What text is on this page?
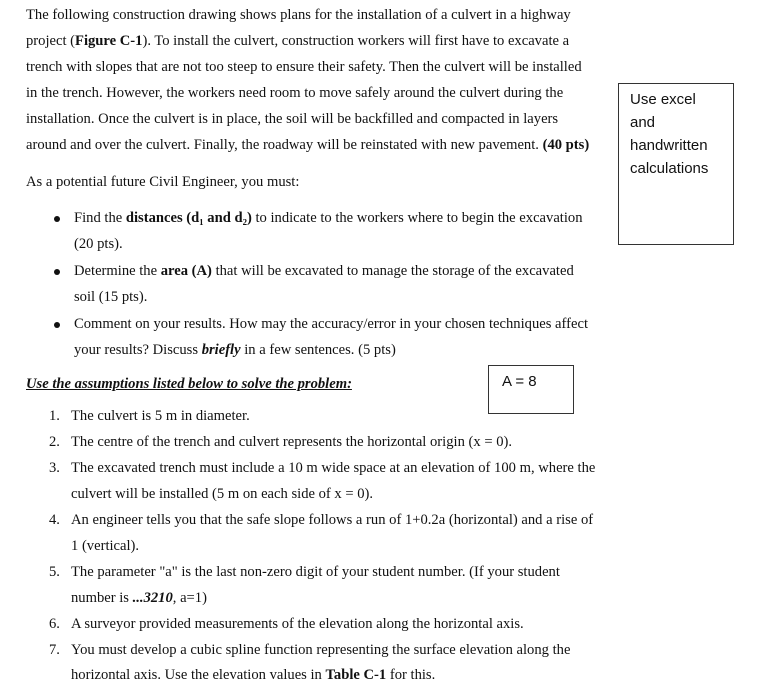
The following construction drawing shows plans for the installation of a culvert in a highway
project (Figure C-1). To install the culvert, construction workers will first have to excavate a
trench with slopes that are not too steep to ensure their safety. Then the culvert will be installed
in the trench. However, the workers need room to move safely around the culvert during the
installation. Once the culvert is in place, the soil will be backfilled and compacted in layers
around and over the culvert. Finally, the roadway will be reinstated with new pavement. (40 pts)
Use excel
and
handwritten
calculations
As a potential future Civil Engineer, you must:
Find the distances (d₁ and d₂) to indicate to the workers where to begin the excavation
(20 pts).
Determine the area (A) that will be excavated to manage the storage of the excavated
soil (15 pts).
Comment on your results. How may the accuracy/error in your chosen techniques affect
your results? Discuss briefly in a few sentences. (5 pts)
A = 8
Use the assumptions listed below to solve the problem:
1. The culvert is 5 m in diameter.
2. The centre of the trench and culvert represents the horizontal origin (x = 0).
3. The excavated trench must include a 10 m wide space at an elevation of 100 m, where the
culvert will be installed (5 m on each side of x = 0).
4. An engineer tells you that the safe slope follows a run of 1+0.2a (horizontal) and a rise of
1 (vertical).
5. The parameter "a" is the last non-zero digit of your student number. (If your student
number is ...3210, a=1)
6. A surveyor provided measurements of the elevation along the horizontal axis.
7. You must develop a cubic spline function representing the surface elevation along the
horizontal axis. Use the elevation values in Table C-1 for this.
